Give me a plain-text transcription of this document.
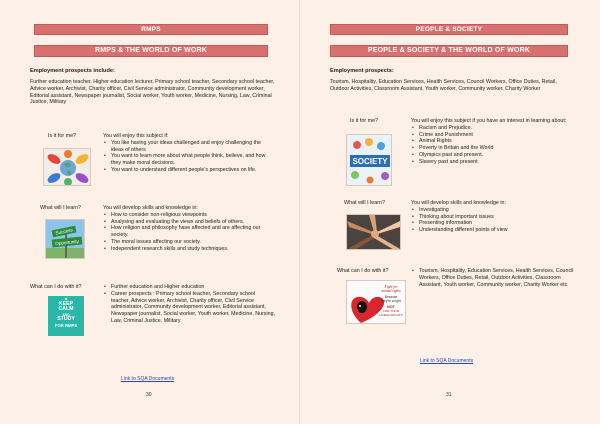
RMPS
RMPS & THE WORLD OF WORK
Employment prospects include:
Further education teacher, Higher education lecturer, Primary school teacher, Secondary school teacher, Advice worker, Archivist, Charity officer, Civil Service administrator, Community development worker, Editorial assistant, Newspaper journalist, Social worker, Youth worker, Medicine, Nursing, Law, Criminal Justice, Military
Is it for me?	You will enjoy this subject if:
• You like having your ideas challenged and enjoy challenging the ideas of others
• You want to learn more about what people think, believe, and how they make moral decisions.
• You want to understand different people's perspectives on life.
What will I learn?
Success
Opportunity
You will develop skills and knowledge in:
• How to consider non-religious viewpoints
• Analysing and evaluating the views and beliefs of others.
• How religion and philosophy have affected and are affecting our society.
• The moral issues affecting our society.
• Independent research skills and study techniques.
What can I do with it?
♕
KEEP
CALM
AND
STUDY
FOR RMPS
• Further education and Higher education
• Career prospects : Primary school teacher, Secondary school teacher, Advice worker, Archivist, Charity officer, Civil Service administrator, Community development worker, Editorial assistant, Newspaper journalist, Social worker, Youth worker, Medicine, Nursing, Law, Criminal Justice, Military
Link to SQA Documents
30
PEOPLE & SOCIETY
PEOPLE & SOCIETY & THE WORLD OF WORK
Employment prospects:
Tourism, Hospitality, Education Services, Health Services, Council Workers, Office Duties, Retail, Outdoor Activities, Classroom Assistant, Youth worker, Community worker, Charity Worker
Is it for me?
SOCIETY
You will enjoy this subject if you have an interest in learning about:
• Racism and Prejudice.
• Crime and Punishment
• Animal Rights
• Poverty in Britain and the World
• Olympics past and present.
• Slavery past and present
What will I learn?	You will develop skills and knowledge in:
• Investigating
• Thinking about important issues
• Presenting information
• Understanding different points of view
What can I do with it?
Fight for
animal rights
Because
they're a right
NOT
FOR YOUR
HUMAN RIGHTS
• Tourism, Hospitality, Education Services, Health Services, Council Workers, Office Duties, Retail, Outdoor Activities, Classroom Assistant, Youth worker, Community worker, Charity Worker etc
Link to SQA Documents
31
